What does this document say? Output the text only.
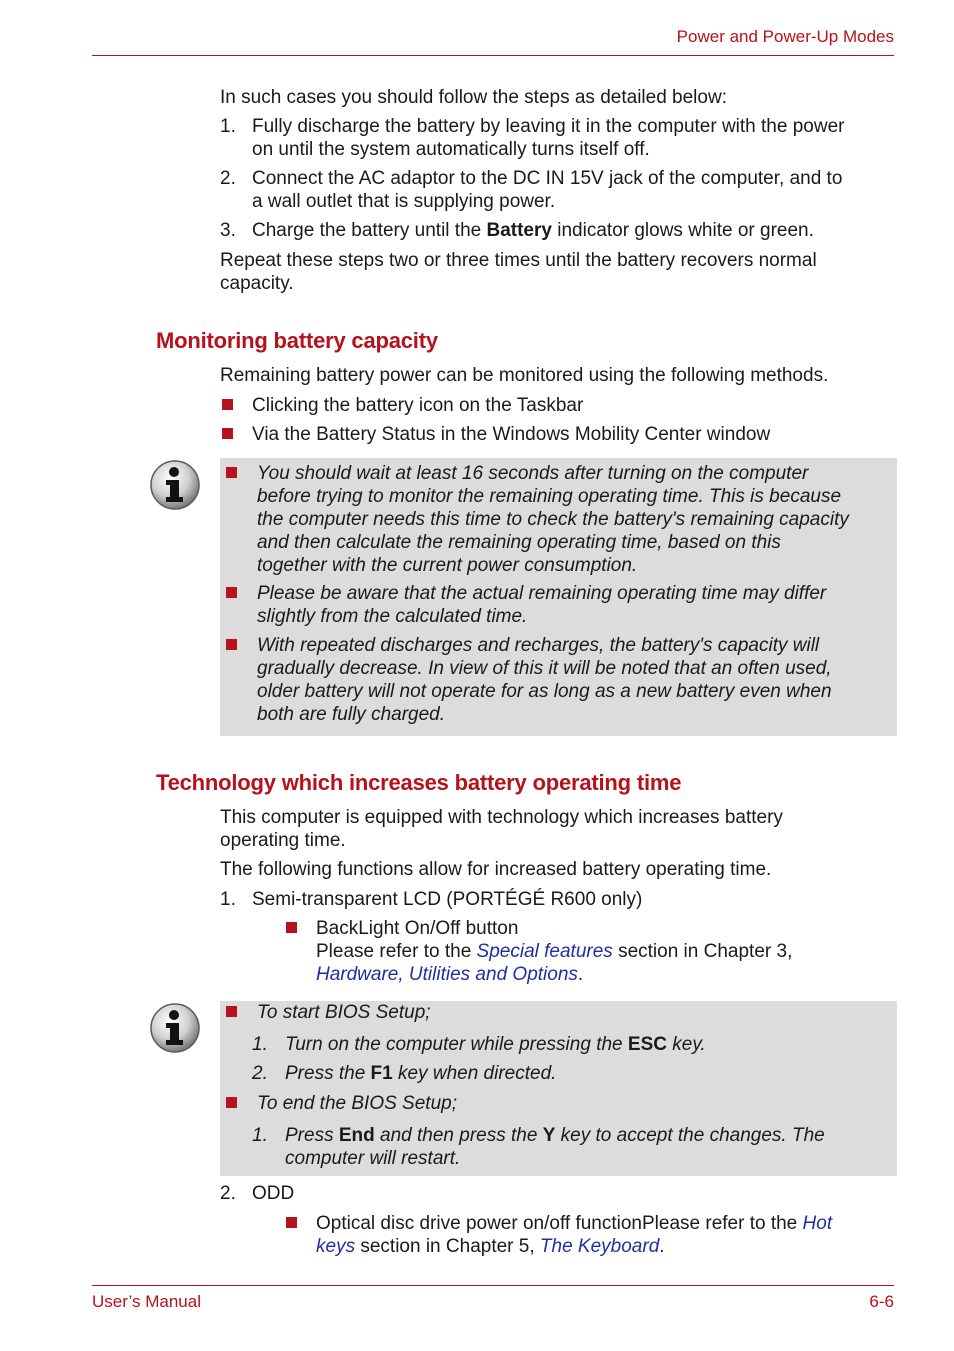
Power and Power-Up Modes
In such cases you should follow the steps as detailed below:
1. Fully discharge the battery by leaving it in the computer with the power
on until the system automatically turns itself off.
2. Connect the AC adaptor to the DC IN 15V jack of the computer, and to
a wall outlet that is supplying power.
3. Charge the battery until the Battery indicator glows white or green.
Repeat these steps two or three times until the battery recovers normal
capacity.
Monitoring battery capacity
Remaining battery power can be monitored using the following methods.
Clicking the battery icon on the Taskbar
Via the Battery Status in the Windows Mobility Center window
You should wait at least 16 seconds after turning on the computer
before trying to monitor the remaining operating time. This is because
the computer needs this time to check the battery's remaining capacity
and then calculate the remaining operating time, based on this
together with the current power consumption.
Please be aware that the actual remaining operating time may differ
slightly from the calculated time.
With repeated discharges and recharges, the battery's capacity will
gradually decrease. In view of this it will be noted that an often used,
older battery will not operate for as long as a new battery even when
both are fully charged.
Technology which increases battery operating time
This computer is equipped with technology which increases battery
operating time.
The following functions allow for increased battery operating time.
1. Semi-transparent LCD (PORTÉGÉ R600 only)
BackLight On/Off button
Please refer to the Special features section in Chapter 3,
Hardware, Utilities and Options.
To start BIOS Setup;
1. Turn on the computer while pressing the ESC key.
2. Press the F1 key when directed.
To end the BIOS Setup;
1. Press End and then press the Y key to accept the changes. The
computer will restart.
2. ODD
Optical disc drive power on/off functionPlease refer to the Hot
keys section in Chapter 5, The Keyboard.
User’s Manual	6-6
